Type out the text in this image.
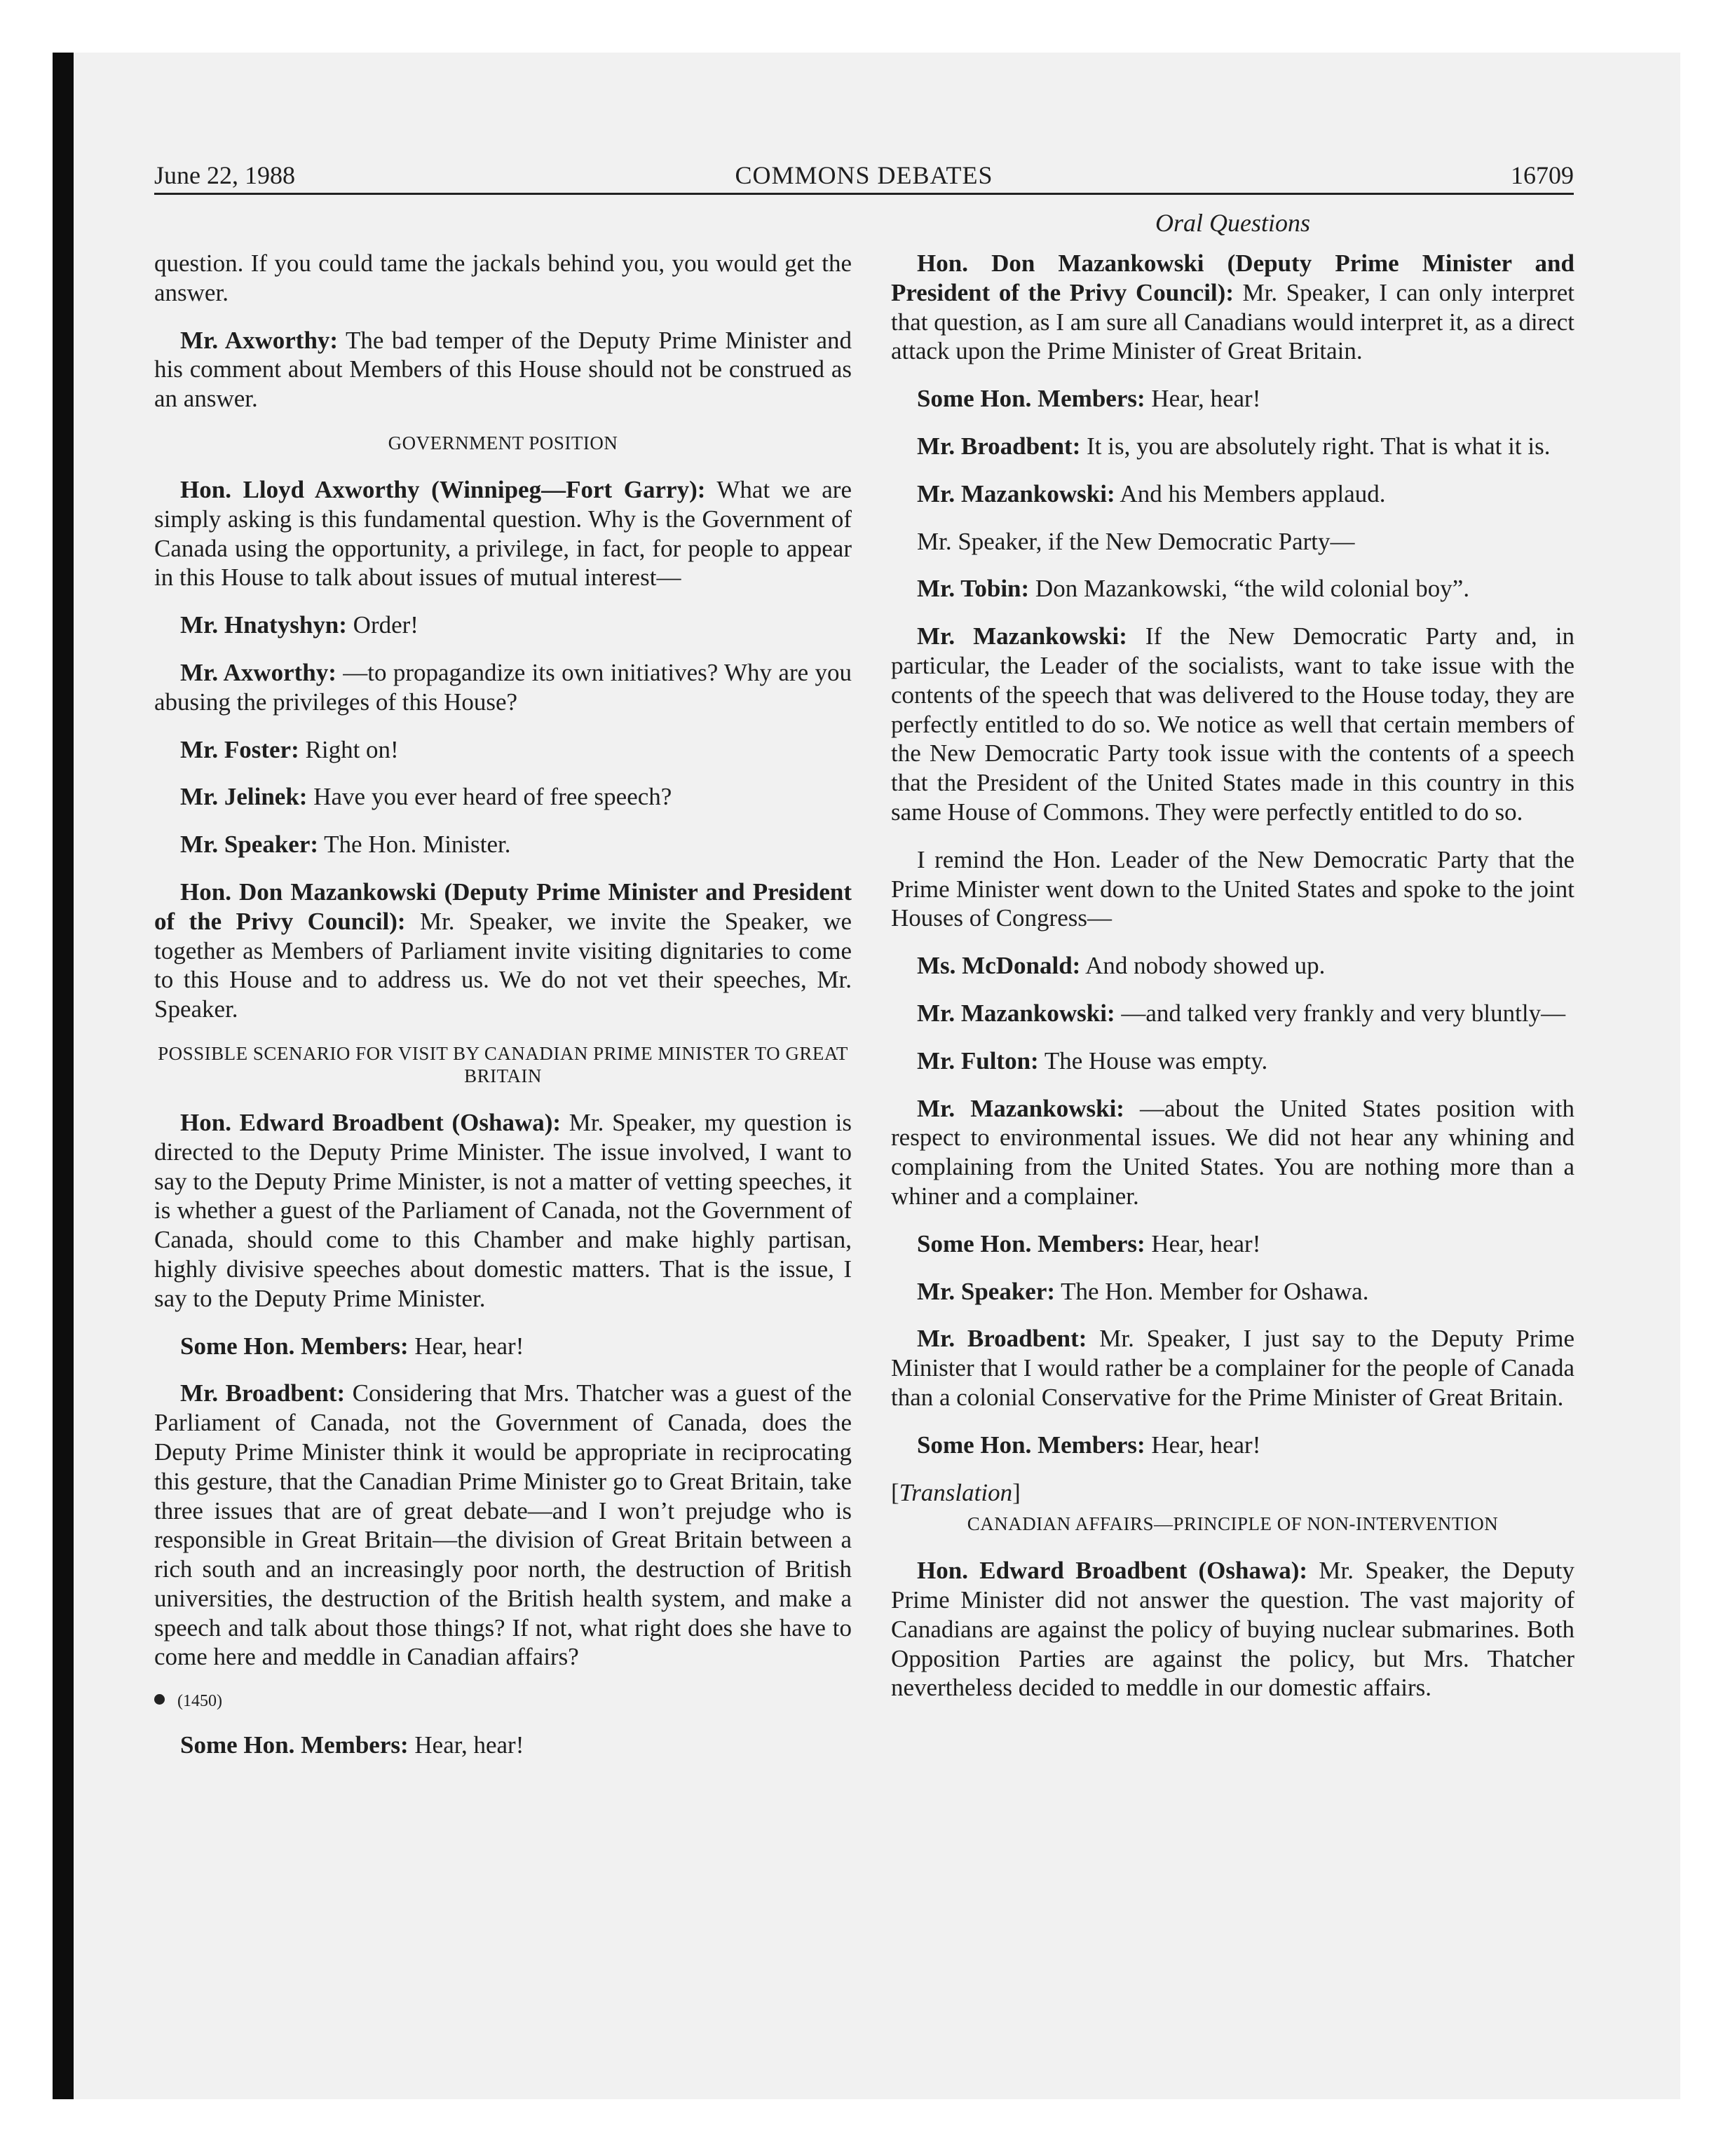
June 22, 1988	COMMONS DEBATES	16709
Oral Questions

question. If you could tame the jackals behind you, you would get the answer.

Mr. Axworthy: The bad temper of the Deputy Prime Minister and his comment about Members of this House should not be construed as an answer.

GOVERNMENT POSITION

Hon. Lloyd Axworthy (Winnipeg—Fort Garry): What we are simply asking is this fundamental question. Why is the Government of Canada using the opportunity, a privilege, in fact, for people to appear in this House to talk about issues of mutual interest—

Mr. Hnatyshyn: Order!

Mr. Axworthy: —to propagandize its own initiatives? Why are you abusing the privileges of this House?

Mr. Foster: Right on!

Mr. Jelinek: Have you ever heard of free speech?

Mr. Speaker: The Hon. Minister.

Hon. Don Mazankowski (Deputy Prime Minister and President of the Privy Council): Mr. Speaker, we invite the Speaker, we together as Members of Parliament invite visiting dignitaries to come to this House and to address us. We do not vet their speeches, Mr. Speaker.

POSSIBLE SCENARIO FOR VISIT BY CANADIAN PRIME MINISTER TO GREAT BRITAIN

Hon. Edward Broadbent (Oshawa): Mr. Speaker, my question is directed to the Deputy Prime Minister. The issue involved, I want to say to the Deputy Prime Minister, is not a matter of vetting speeches, it is whether a guest of the Parliament of Canada, not the Government of Canada, should come to this Chamber and make highly partisan, highly divisive speeches about domestic matters. That is the issue, I say to the Deputy Prime Minister.

Some Hon. Members: Hear, hear!

Mr. Broadbent: Considering that Mrs. Thatcher was a guest of the Parliament of Canada, not the Government of Canada, does the Deputy Prime Minister think it would be appropriate in reciprocating this gesture, that the Canadian Prime Minister go to Great Britain, take three issues that are of great debate—and I won’t prejudge who is responsible in Great Britain—the division of Great Britain between a rich south and an increasingly poor north, the destruction of British universities, the destruction of the British health system, and make a speech and talk about those things? If not, what right does she have to come here and meddle in Canadian affairs?

(1450)

Some Hon. Members: Hear, hear!

Hon. Don Mazankowski (Deputy Prime Minister and President of the Privy Council): Mr. Speaker, I can only interpret that question, as I am sure all Canadians would interpret it, as a direct attack upon the Prime Minister of Great Britain.

Some Hon. Members: Hear, hear!

Mr. Broadbent: It is, you are absolutely right. That is what it is.

Mr. Mazankowski: And his Members applaud.

Mr. Speaker, if the New Democratic Party—

Mr. Tobin: Don Mazankowski, “the wild colonial boy”.

Mr. Mazankowski: If the New Democratic Party and, in particular, the Leader of the socialists, want to take issue with the contents of the speech that was delivered to the House today, they are perfectly entitled to do so. We notice as well that certain members of the New Democratic Party took issue with the contents of a speech that the President of the United States made in this country in this same House of Commons. They were perfectly entitled to do so.

I remind the Hon. Leader of the New Democratic Party that the Prime Minister went down to the United States and spoke to the joint Houses of Congress—

Ms. McDonald: And nobody showed up.

Mr. Mazankowski: —and talked very frankly and very bluntly—

Mr. Fulton: The House was empty.

Mr. Mazankowski: —about the United States position with respect to environmental issues. We did not hear any whining and complaining from the United States. You are nothing more than a whiner and a complainer.

Some Hon. Members: Hear, hear!

Mr. Speaker: The Hon. Member for Oshawa.

Mr. Broadbent: Mr. Speaker, I just say to the Deputy Prime Minister that I would rather be a complainer for the people of Canada than a colonial Conservative for the Prime Minister of Great Britain.

Some Hon. Members: Hear, hear!

[Translation]

CANADIAN AFFAIRS—PRINCIPLE OF NON-INTERVENTION

Hon. Edward Broadbent (Oshawa): Mr. Speaker, the Deputy Prime Minister did not answer the question. The vast majority of Canadians are against the policy of buying nuclear submarines. Both Opposition Parties are against the policy, but Mrs. Thatcher nevertheless decided to meddle in our domestic affairs.
